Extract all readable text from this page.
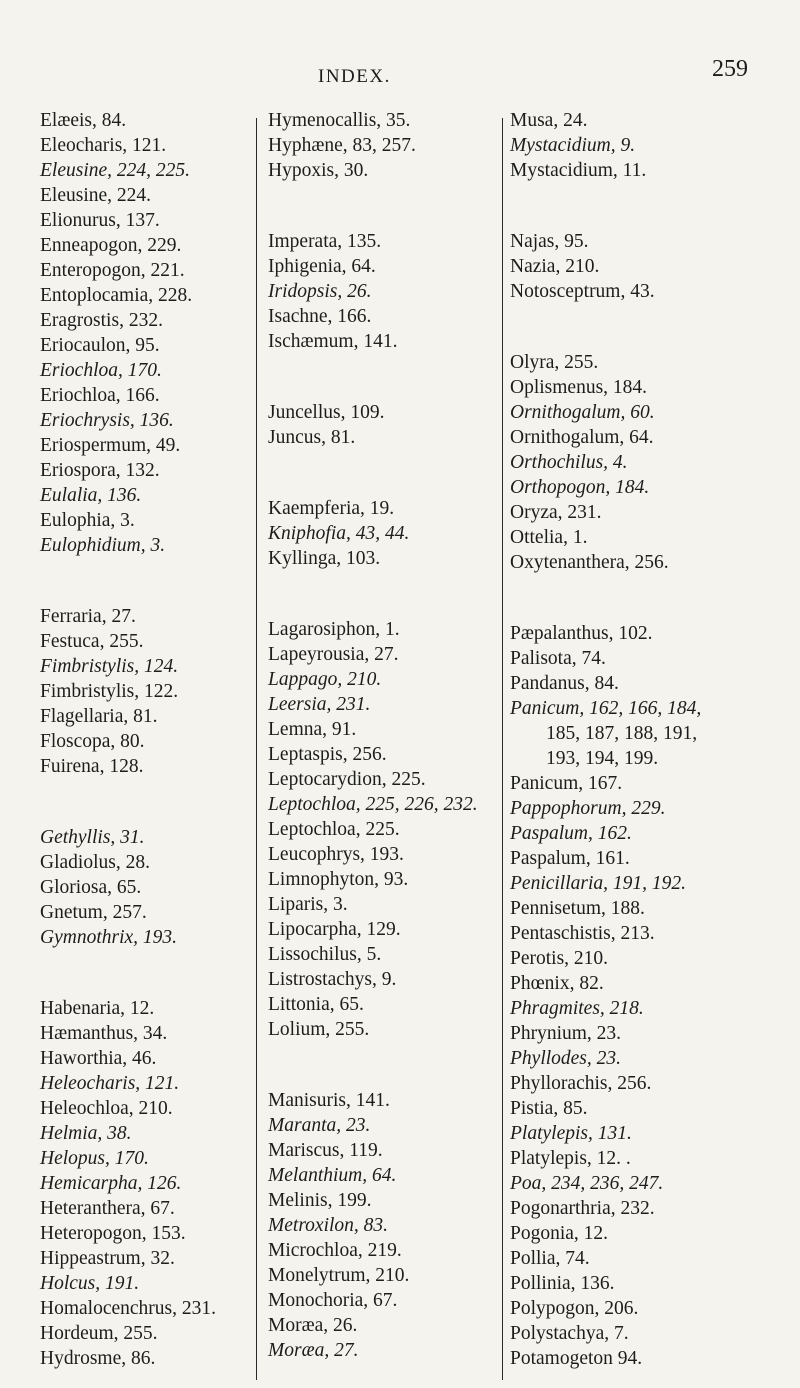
INDEX.	259
Elæeis, 84.
Eleocharis, 121.
Eleusine, 224, 225.
Eleusine, 224.
Elionurus, 137.
Enneapogon, 229.
Enteropogon, 221.
Entoplocamia, 228.
Eragrostis, 232.
Eriocaulon, 95.
Eriochloa, 170.
Eriochloa, 166.
Eriochrysis, 136.
Eriospermum, 49.
Eriospora, 132.
Eulalia, 136.
Eulophia, 3.
Eulophidium, 3.
Ferraria, 27.
Festuca, 255.
Fimbristylis, 124.
Fimbristylis, 122.
Flagellaria, 81.
Floscopa, 80.
Fuirena, 128.
Gethyllis, 31.
Gladiolus, 28.
Gloriosa, 65.
Gnetum, 257.
Gymnothrix, 193.
Habenaria, 12.
Hæmanthus, 34.
Haworthia, 46.
Heleocharis, 121.
Heleochloa, 210.
Helmia, 38.
Helopus, 170.
Hemicarpha, 126.
Heteranthera, 67.
Heteropogon, 153.
Hippeastrum, 32.
Holcus, 191.
Homalocenchrus, 231.
Hordeum, 255.
Hydrosme, 86.
Hymenocallis, 35.
Hyphæne, 83, 257.
Hypoxis, 30.
Imperata, 135.
Iphigenia, 64.
Iridopsis, 26.
Isachne, 166.
Ischæmum, 141.
Juncellus, 109.
Juncus, 81.
Kaempferia, 19.
Kniphofia, 43, 44.
Kyllinga, 103.
Lagarosiphon, 1.
Lapeyrousia, 27.
Lappago, 210.
Leersia, 231.
Lemna, 91.
Leptaspis, 256.
Leptocarydion, 225.
Leptochloa, 225, 226, 232.
Leptochloa, 225.
Leucophrys, 193.
Limnophyton, 93.
Liparis, 3.
Lipocarpha, 129.
Lissochilus, 5.
Listrostachys, 9.
Littonia, 65.
Lolium, 255.
Manisuris, 141.
Maranta, 23.
Mariscus, 119.
Melanthium, 64.
Melinis, 199.
Metroxilon, 83.
Microchloa, 219.
Monelytrum, 210.
Monochoria, 67.
Moræa, 26.
Moræa, 27.
Musa, 24.
Mystacidium, 9.
Mystacidium, 11.
Najas, 95.
Nazia, 210.
Notosceptrum, 43.
Olyra, 255.
Oplismenus, 184.
Ornithogalum, 60.
Ornithogalum, 64.
Orthochilus, 4.
Orthopogon, 184.
Oryza, 231.
Ottelia, 1.
Oxytenanthera, 256.
Pæpalanthus, 102.
Palisota, 74.
Pandanus, 84.
Panicum, 162, 166, 184,
185, 187, 188, 191,
193, 194, 199.
Panicum, 167.
Pappophorum, 229.
Paspalum, 162.
Paspalum, 161.
Penicillaria, 191, 192.
Pennisetum, 188.
Pentaschistis, 213.
Perotis, 210.
Phœnix, 82.
Phragmites, 218.
Phrynium, 23.
Phyllodes, 23.
Phyllorachis, 256.
Pistia, 85.
Platylepis, 131.
Platylepis, 12. .
Poa, 234, 236, 247.
Pogonarthria, 232.
Pogonia, 12.
Pollia, 74.
Pollinia, 136.
Polypogon, 206.
Polystachya, 7.
Potamogeton 94.
